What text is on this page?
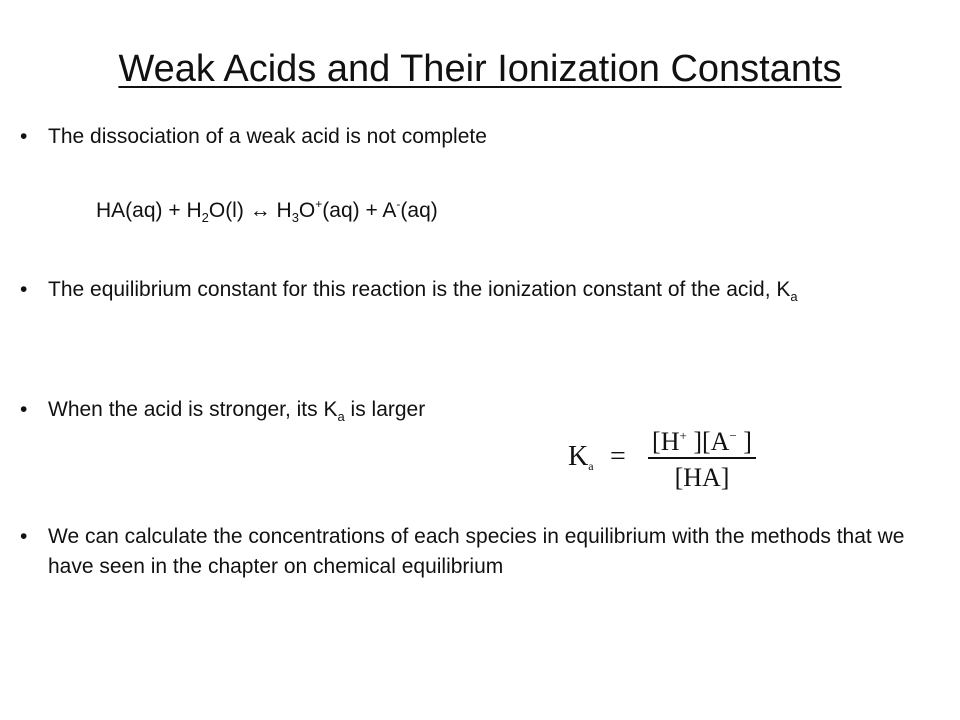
Weak Acids and Their Ionization Constants
• The dissociation of a weak acid is not complete
$HA(aq) + H_2O(l)$ ↔ $H_3O^+(aq) + A^-(aq)$
• The equilibrium constant for this reaction is the ionization constant of the acid, $K_a$
• When the acid is stronger, its $K_a$ is larger
Ka = [H+ ][A− ]
[HA]
• We can calculate the concentrations of each species in equilibrium with the methods that we have seen in the chapter on chemical equilibrium
